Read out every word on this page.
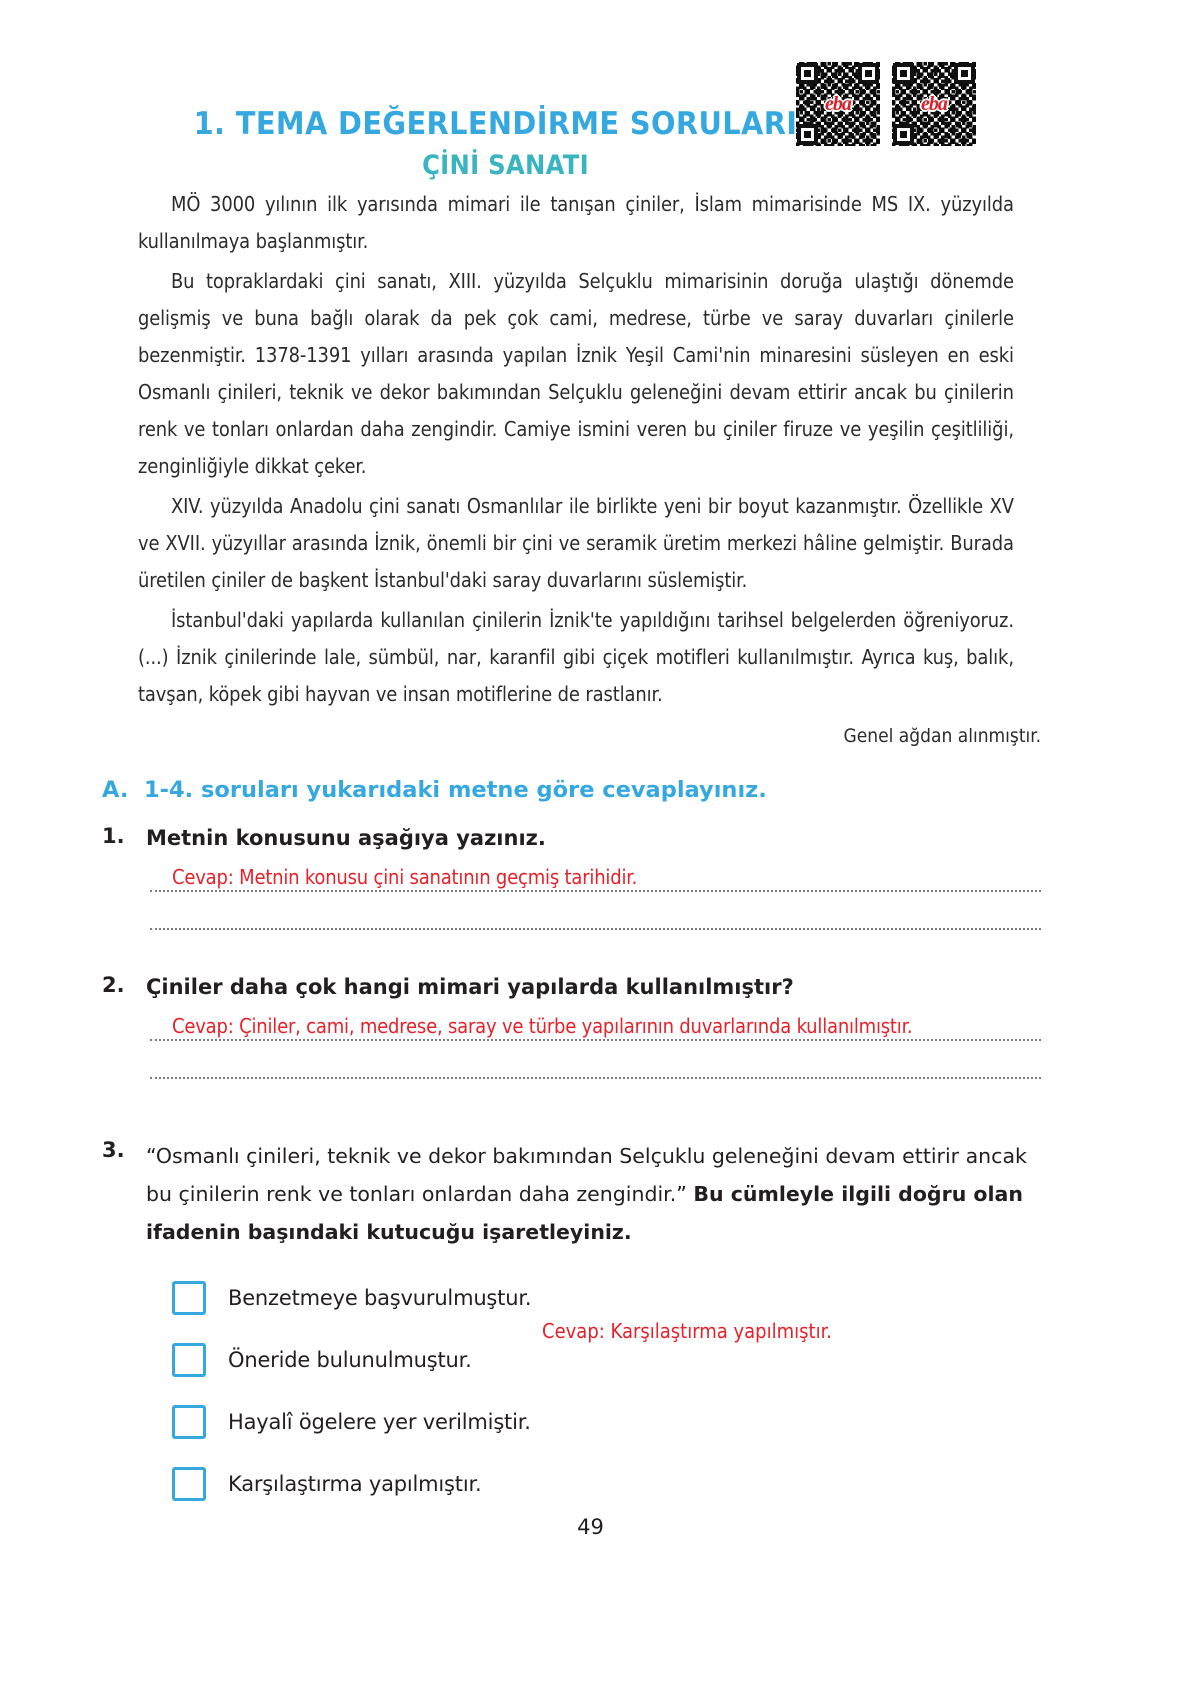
eba	eba
1. TEMA DEĞERLENDİRME SORULARI
ÇİNİ SANATI

MÖ 3000 yılının ilk yarısında mimari ile tanışan çiniler, İslam mimarisinde MS IX. yüzyılda kullanılmaya başlanmıştır.

Bu topraklardaki çini sanatı, XIII. yüzyılda Selçuklu mimarisinin doruğa ulaştığı dönemde gelişmiş ve buna bağlı olarak da pek çok cami, medrese, türbe ve saray duvarları çinilerle bezenmiştir. 1378-1391 yılları arasında yapılan İznik Yeşil Cami'nin minaresini süsleyen en eski Osmanlı çinileri, teknik ve dekor bakımından Selçuklu geleneğini devam ettirir ancak bu çinilerin renk ve tonları onlardan daha zengindir. Camiye ismini veren bu çiniler firuze ve yeşilin çeşitliliği, zenginliğiyle dikkat çeker.

XIV. yüzyılda Anadolu çini sanatı Osmanlılar ile birlikte yeni bir boyut kazanmıştır. Özellikle XV ve XVII. yüzyıllar arasında İznik, önemli bir çini ve seramik üretim merkezi hâline gelmiştir. Burada üretilen çiniler de başkent İstanbul'daki saray duvarlarını süslemiştir.

İstanbul'daki yapılarda kullanılan çinilerin İznik'te yapıldığını tarihsel belgelerden öğreniyoruz. (...) İznik çinilerinde lale, sümbül, nar, karanfil gibi çiçek motifleri kullanılmıştır. Ayrıca kuş, balık, tavşan, köpek gibi hayvan ve insan motiflerine de rastlanır.

Genel ağdan alınmıştır.
A. 1-4. soruları yukarıdaki metne göre cevaplayınız.
1.	Metnin konusunu aşağıya yazınız.
Cevap: Metnin konusu çini sanatının geçmiş tarihidir.
2.	Çiniler daha çok hangi mimari yapılarda kullanılmıştır?
Cevap: Çiniler, cami, medrese, saray ve türbe yapılarının duvarlarında kullanılmıştır.
3.	“Osmanlı çinileri, teknik ve dekor bakımından Selçuklu geleneğini devam ettirir ancak bu çinilerin renk ve tonları onlardan daha zengindir.” Bu cümleyle ilgili doğru olan ifadenin başındaki kutucuğu işaretleyiniz.
Benzetmeye başvurulmuştur.
Öneride bulunulmuştur.
Hayalî ögelere yer verilmiştir.
Karşılaştırma yapılmıştır.
Cevap: Karşılaştırma yapılmıştır.
49
